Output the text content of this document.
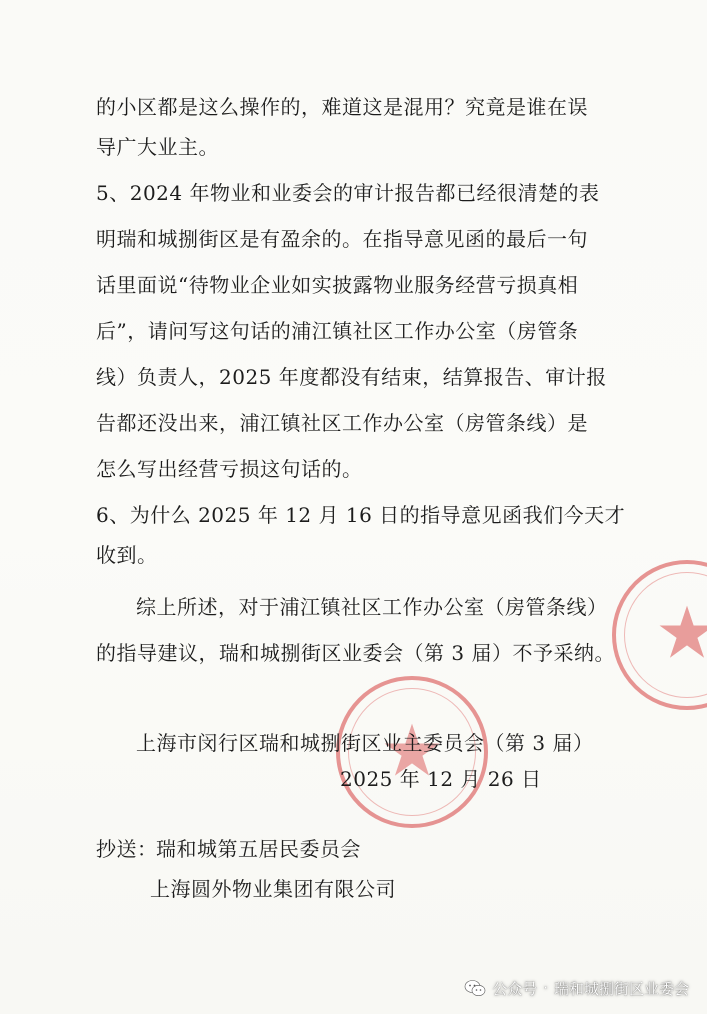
的小区都是这么操作的，难道这是混用？究竟是谁在误
导广大业主。
5、2024 年物业和业委会的审计报告都已经很清楚的表
明瑞和城捌街区是有盈余的。在指导意见函的最后一句
话里面说“待物业企业如实披露物业服务经营亏损真相
后”，请问写这句话的浦江镇社区工作办公室（房管条
线）负责人，2025 年度都没有结束，结算报告、审计报
告都还没出来，浦江镇社区工作办公室（房管条线）是
怎么写出经营亏损这句话的。
6、为什么 2025 年 12 月 16 日的指导意见函我们今天才
收到。
综上所述，对于浦江镇社区工作办公室（房管条线）
的指导建议，瑞和城捌街区业委会（第 3 届）不予采纳。
上海市闵行区瑞和城捌街区业主委员会（第 3 届）
2025 年 12 月 26 日
抄送：
瑞和城第五居民委员会
上海圆外物业集团有限公司
公众号 · 瑞和城捌街区业委会
